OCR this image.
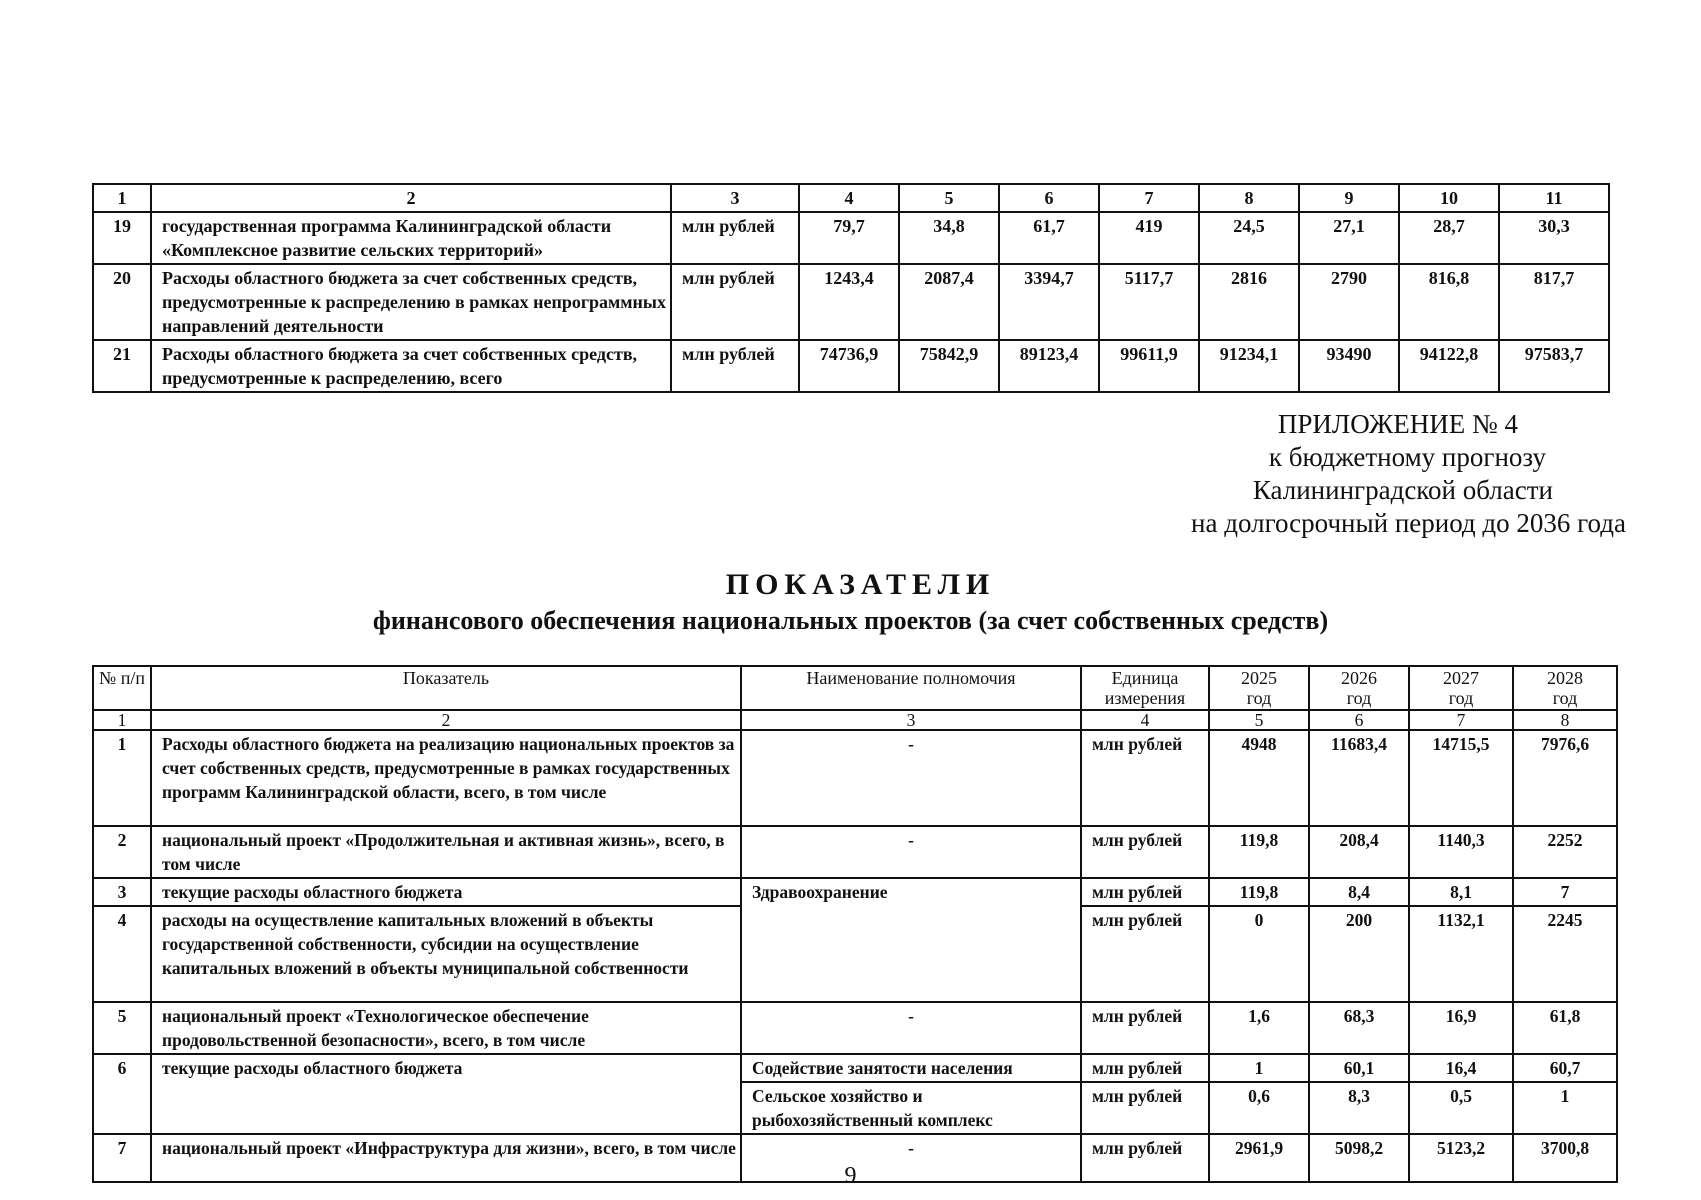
1	2	3	4	5	6	7	8	9	10	11
19	государственная программа Калининградской области «Комплексное развитие сельских территорий»	млн рублей	79,7	34,8	61,7	419	24,5	27,1	28,7	30,3
20	Расходы областного бюджета за счет собственных средств, предусмотренные к распределению в рамках непрограммных направлений деятельности	млн рублей	1243,4	2087,4	3394,7	5117,7	2816	2790	816,8	817,7
21	Расходы областного бюджета за счет собственных средств, предусмотренные к распределению, всего	млн рублей	74736,9	75842,9	89123,4	99611,9	91234,1	93490	94122,8	97583,7
ПРИЛОЖЕНИЕ № 4
к бюджетному прогнозу
Калининградской области
на долгосрочный период до 2036 года
ПОКАЗАТЕЛИ
финансового обеспечения национальных проектов (за счет собственных средств)
№ п/п	Показатель	Наименование полномочия	Единица измерения	2025 год	2026 год	2027 год	2028 год
1	2	3	4	5	6	7	8
1	Расходы областного бюджета на реализацию национальных проектов за счет собственных средств, предусмотренные в рамках государственных программ Калининградской области, всего, в том числе	-	млн рублей	4948	11683,4	14715,5	7976,6
2	национальный проект «Продолжительная и активная жизнь», всего, в том числе	-	млн рублей	119,8	208,4	1140,3	2252
3	текущие расходы областного бюджета	Здравоохранение	млн рублей	119,8	8,4	8,1	7
4	расходы на осуществление капитальных вложений в объекты государственной собственности, субсидии на осуществление капитальных вложений в объекты муниципальной собственности		млн рублей	0	200	1132,1	2245
5	национальный проект «Технологическое обеспечение продовольственной безопасности», всего, в том числе	-	млн рублей	1,6	68,3	16,9	61,8
6	текущие расходы областного бюджета	Содействие занятости населения	млн рублей	1	60,1	16,4	60,7
		Сельское хозяйство и рыбохозяйственный комплекс	млн рублей	0,6	8,3	0,5	1
7	национальный проект «Инфраструктура для жизни», всего, в том числе	-	млн рублей	2961,9	5098,2	5123,2	3700,8
9
